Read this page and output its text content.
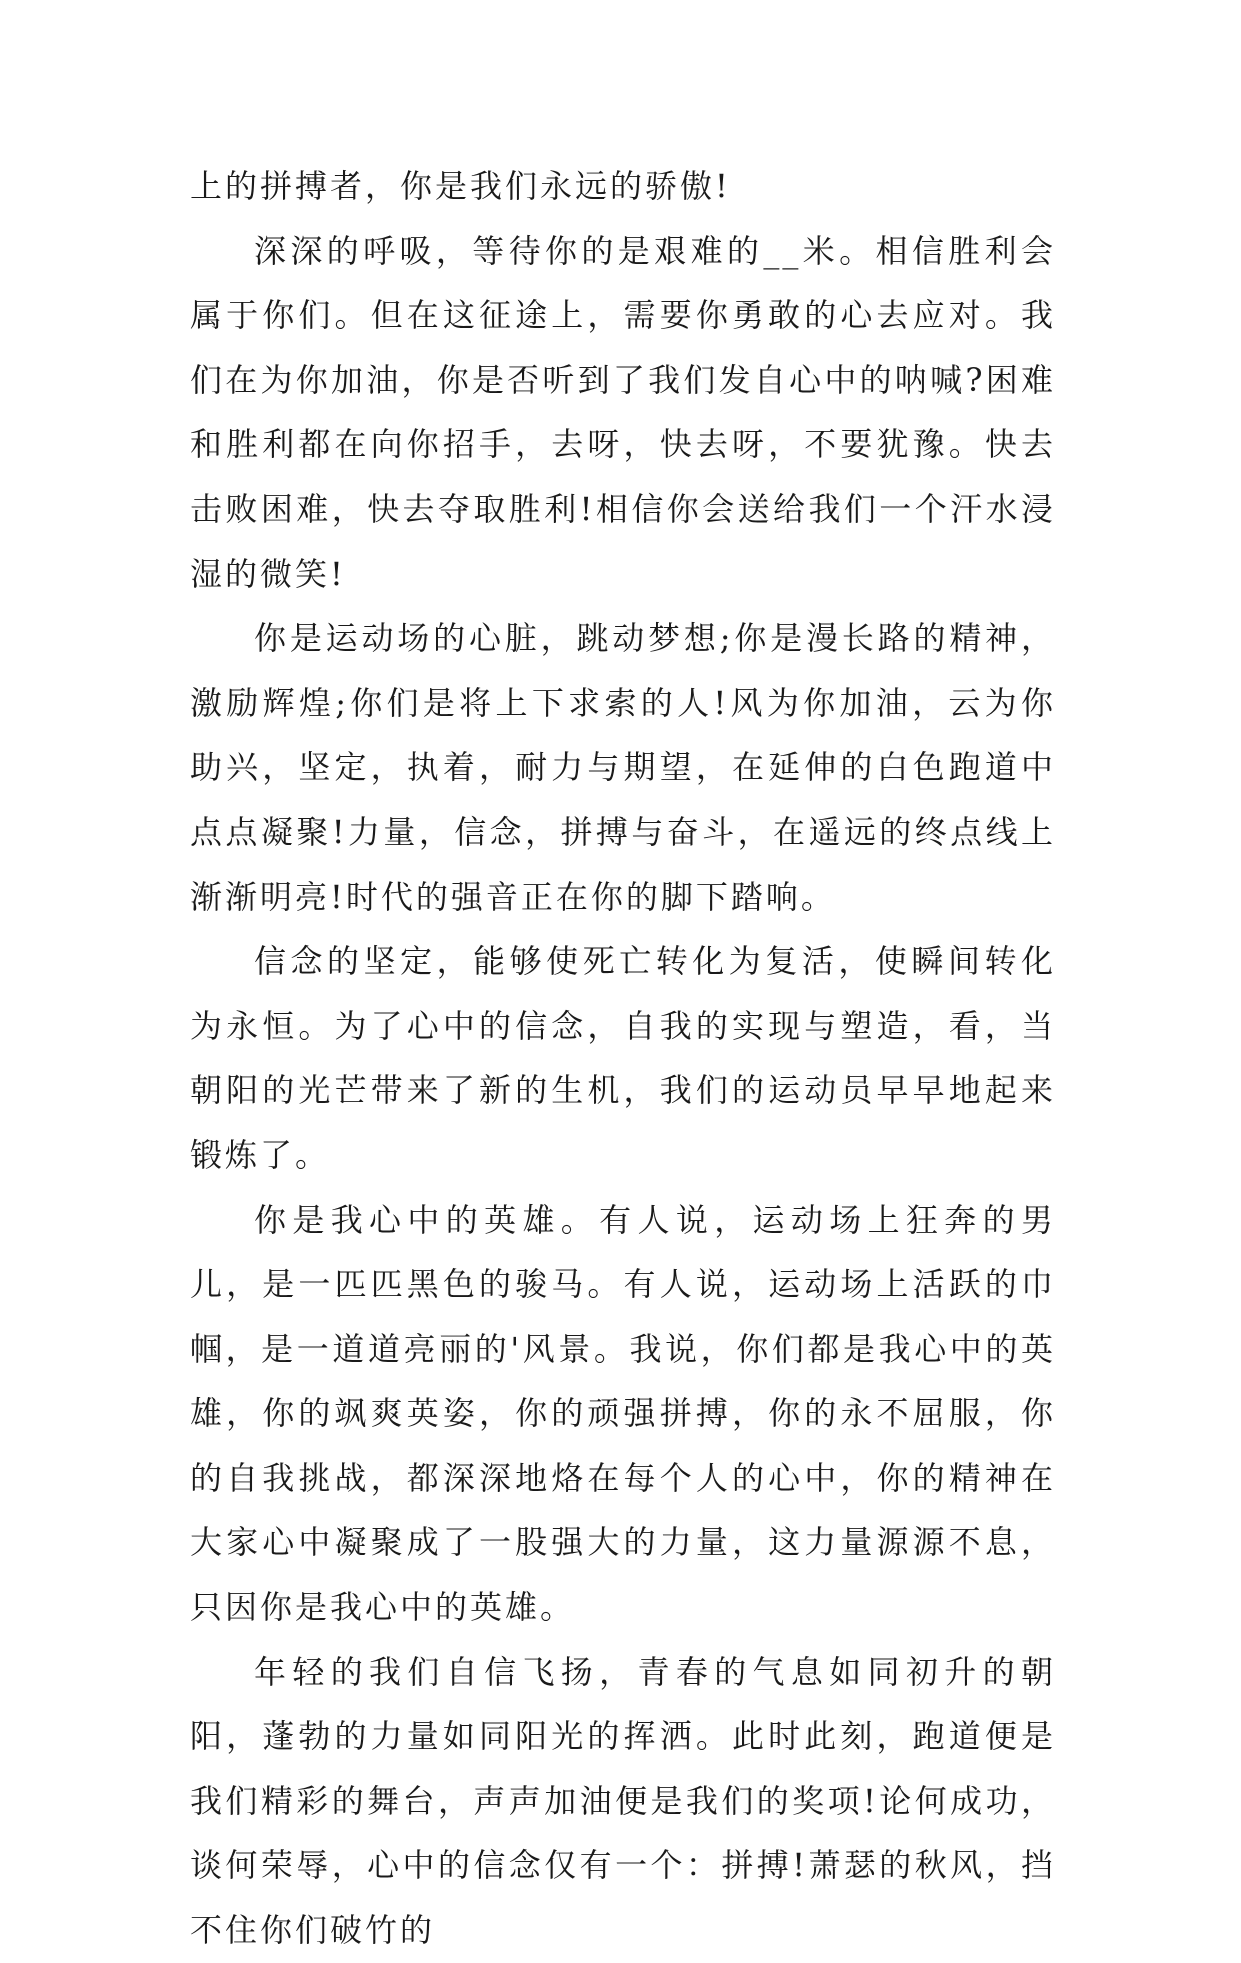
上的拼搏者，你是我们永远的骄傲!

深深的呼吸，等待你的是艰难的__米。相信胜利会属于你们。但在这征途上，需要你勇敢的心去应对。我们在为你加油，你是否听到了我们发自心中的呐喊?困难和胜利都在向你招手，去呀，快去呀，不要犹豫。快去击败困难，快去夺取胜利!相信你会送给我们一个汗水浸湿的微笑!

你是运动场的心脏，跳动梦想;你是漫长路的精神，激励辉煌;你们是将上下求索的人!风为你加油，云为你助兴，坚定，执着，耐力与期望，在延伸的白色跑道中点点凝聚!力量，信念，拼搏与奋斗，在遥远的终点线上渐渐明亮!时代的强音正在你的脚下踏响。

信念的坚定，能够使死亡转化为复活，使瞬间转化为永恒。为了心中的信念，自我的实现与塑造，看，当朝阳的光芒带来了新的生机，我们的运动员早早地起来锻炼了。

你是我心中的英雄。有人说，运动场上狂奔的男儿，是一匹匹黑色的骏马。有人说，运动场上活跃的巾帼，是一道道亮丽的'风景。我说，你们都是我心中的英雄，你的飒爽英姿，你的顽强拼搏，你的永不屈服，你的自我挑战，都深深地烙在每个人的心中，你的精神在大家心中凝聚成了一股强大的力量，这力量源源不息，只因你是我心中的英雄。

年轻的我们自信飞扬，青春的气息如同初升的朝阳，蓬勃的力量如同阳光的挥洒。此时此刻，跑道便是我们精彩的舞台，声声加油便是我们的奖项!论何成功，谈何荣辱，心中的信念仅有一个：拼搏!萧瑟的秋风，挡不住你们破竹的
